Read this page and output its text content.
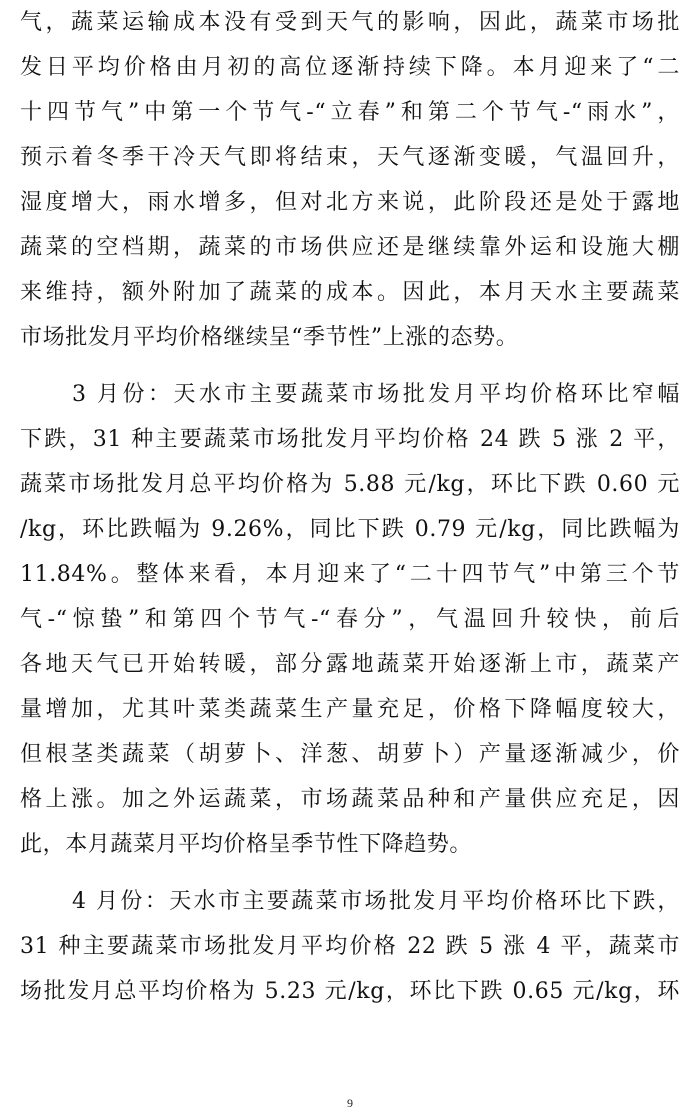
气，蔬菜运输成本没有受到天气的影响，因此，蔬菜市场批
发日平均价格由月初的高位逐渐持续下降。本月迎来了“二
十四节气”中第一个节气-“立春”和第二个节气-“雨水”，
预示着冬季干冷天气即将结束，天气逐渐变暖，气温回升，
湿度增大，雨水增多，但对北方来说，此阶段还是处于露地
蔬菜的空档期，蔬菜的市场供应还是继续靠外运和设施大棚
来维持，额外附加了蔬菜的成本。因此，本月天水主要蔬菜
市场批发月平均价格继续呈“季节性”上涨的态势。
3 月份：天水市主要蔬菜市场批发月平均价格环比窄幅
下跌，31 种主要蔬菜市场批发月平均价格 24 跌 5 涨 2 平，
蔬菜市场批发月总平均价格为 5.88 元/kg，环比下跌 0.60 元
/kg，环比跌幅为 9.26%，同比下跌 0.79 元/kg，同比跌幅为
11.84%。整体来看，本月迎来了“二十四节气”中第三个节
气-“惊蛰”和第四个节气-“春分”，气温回升较快，前后
各地天气已开始转暖，部分露地蔬菜开始逐渐上市，蔬菜产
量增加，尤其叶菜类蔬菜生产量充足，价格下降幅度较大，
但根茎类蔬菜（胡萝卜、洋葱、胡萝卜）产量逐渐减少，价
格上涨。加之外运蔬菜，市场蔬菜品种和产量供应充足，因
此，本月蔬菜月平均价格呈季节性下降趋势。
4 月份：天水市主要蔬菜市场批发月平均价格环比下跌，
31 种主要蔬菜市场批发月平均价格 22 跌 5 涨 4 平，蔬菜市
场批发月总平均价格为 5.23 元/kg，环比下跌 0.65 元/kg，环
9
